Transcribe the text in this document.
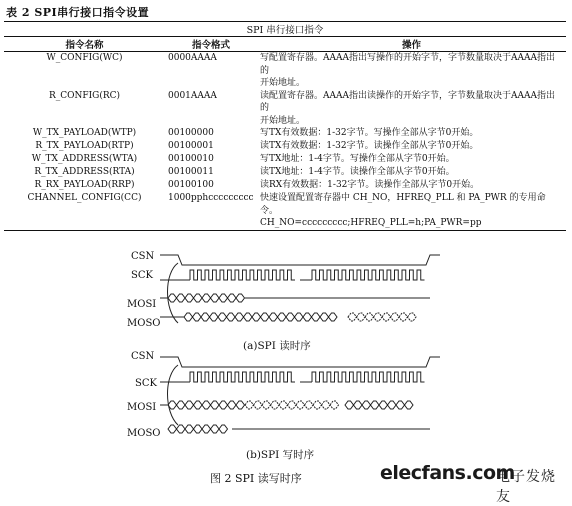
表 2 SPI串行接口指令设置
SPI 串行接口指令		
指令名称	指令格式	操作
W_CONFIG(WC)	0000AAAA	写配置寄存器。AAAA指出写操作的开始字节，字节数量取决于AAAA指出的
开始地址。
R_CONFIG(RC)	0001AAAA	读配置寄存器。AAAA指出读操作的开始字节，字节数量取决于AAAA指出的
开始地址。
W_TX_PAYLOAD(WTP)	00100000	写TX有效数据：1-32字节。写操作全部从字节0开始。
R_TX_PAYLOAD(RTP)	00100001	读TX有效数据：1-32字节。读操作全部从字节0开始。
W_TX_ADDRESS(WTA)	00100010	写TX地址：1-4字节。写操作全部从字节0开始。
R_TX_ADDRESS(RTA)	00100011	读TX地址：1-4字节。读操作全部从字节0开始。
R_RX_PAYLOAD(RRP)	00100100	读RX有效数据：1-32字节。读操作全部从字节0开始。
CHANNEL_CONFIG(CC)	1000pphccccccccc	快速设置配置寄存器中 CH_NO，HFREQ_PLL 和 PA_PWR 的专用命令。
CH_NO=ccccccccc;HFREQ_PLL=h;PA_PWR=pp
CSN
SCK
MOSI
MOSO
(a)SPI 读时序
CSN
SCK
MOSI
MOSO
(b)SPI 写时序
图 2 SPI 读写时序	elecfans.com
电子发烧友
